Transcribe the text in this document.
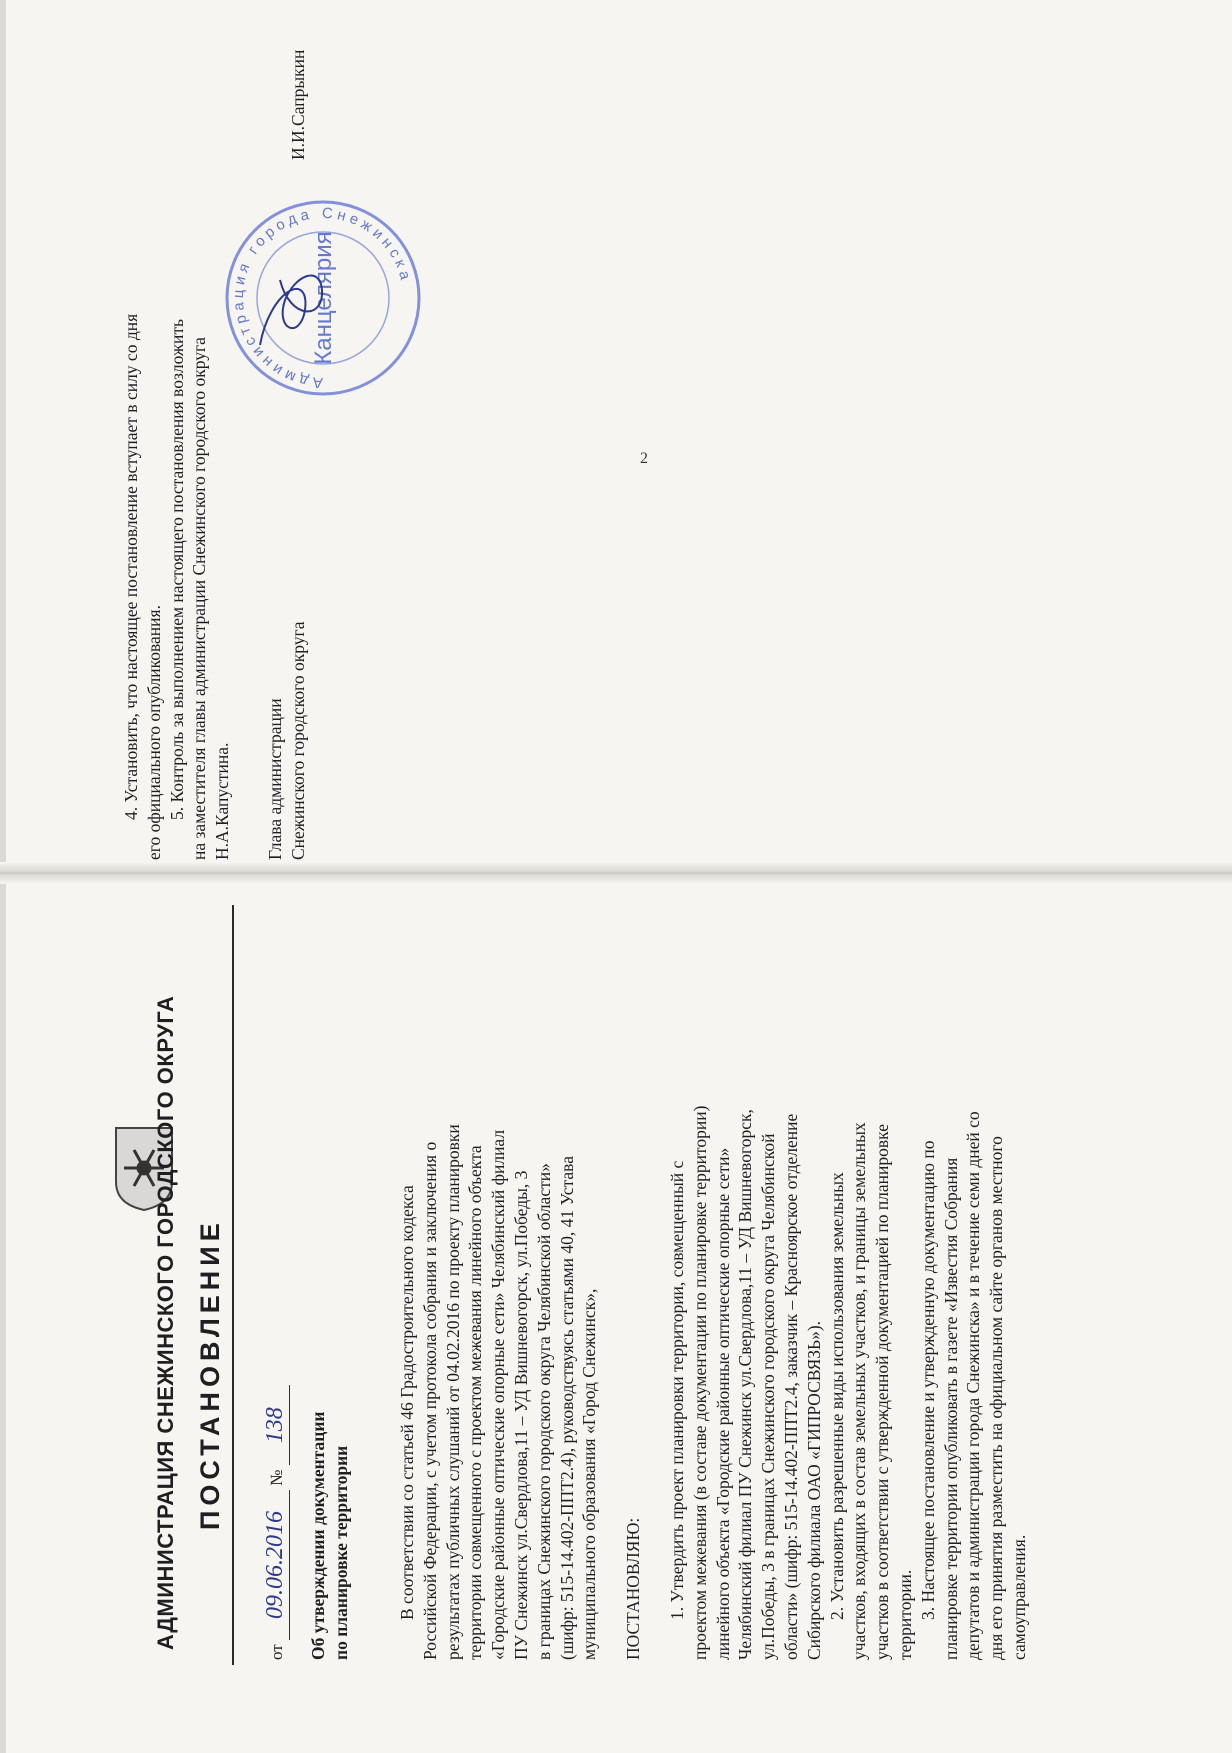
2
4. Установить, что настоящее постановление вступает в силу со дня его официального опубликования. 5. Контроль за выполнением настоящего постановления возложить на заместителя главы администрации Снежинского городского округа Н.А.Капустина. Глава администрации Снежинского городского округа
И.И.Сапрыкин
Администрация города Снежинска
Канцелярия
АДМИНИСТРАЦИЯ СНЕЖИНСКОГО ГОРОДСКОГО ОКРУГА ПОСТАНОВЛЕНИЕ
от 09.06.2016 № 138 Об утверждении документации по планировке территории	В соответствии со статьей 46 Градостроительного кодекса Российской Федерации, с учетом протокола собрания и заключения о результатах публичных слушаний от 04.02.2016 по проекту планировки территории совмещенного с проектом межевания линейного объекта «Городские районные оптические опорные сети» Челябинский филиал ПУ Снежинск ул.Свердлова,11 – УД Вишневогорск, ул.Победы, 3 в границах Снежинского городского округа Челябинской области» (шифр: 515-14.402-ППТ2.4), руководствуясь статьями 40, 41 Устава муниципального образования «Город Снежинск», ПОСТАНОВЛЯЮ: 1. Утвердить проект планировки территории, совмещенный с проектом межевания (в составе документации по планировке территории) линейного объекта «Городские районные оптические опорные сети» Челябинский филиал ПУ Снежинск ул.Свердлова,11 – УД Вишневогорск, ул.Победы, 3 в границах Снежинского городского округа Челябинской области» (шифр: 515-14.402-ППТ2.4, заказчик – Красноярское отделение Сибирского филиала ОАО «ГИПРОСВЯЗЬ»). 2. Установить разрешенные виды использования земельных участков, входящих в состав земельных участков, и границы земельных участков в соответствии с утвержденной документацией по планировке территории. 3. Настоящее постановление и утвержденную документацию по планировке территории опубликовать в газете «Известия Собрания депутатов и администрации города Снежинска» и в течение семи дней со дня его принятия разместить на официальном сайте органов местного самоуправления.
